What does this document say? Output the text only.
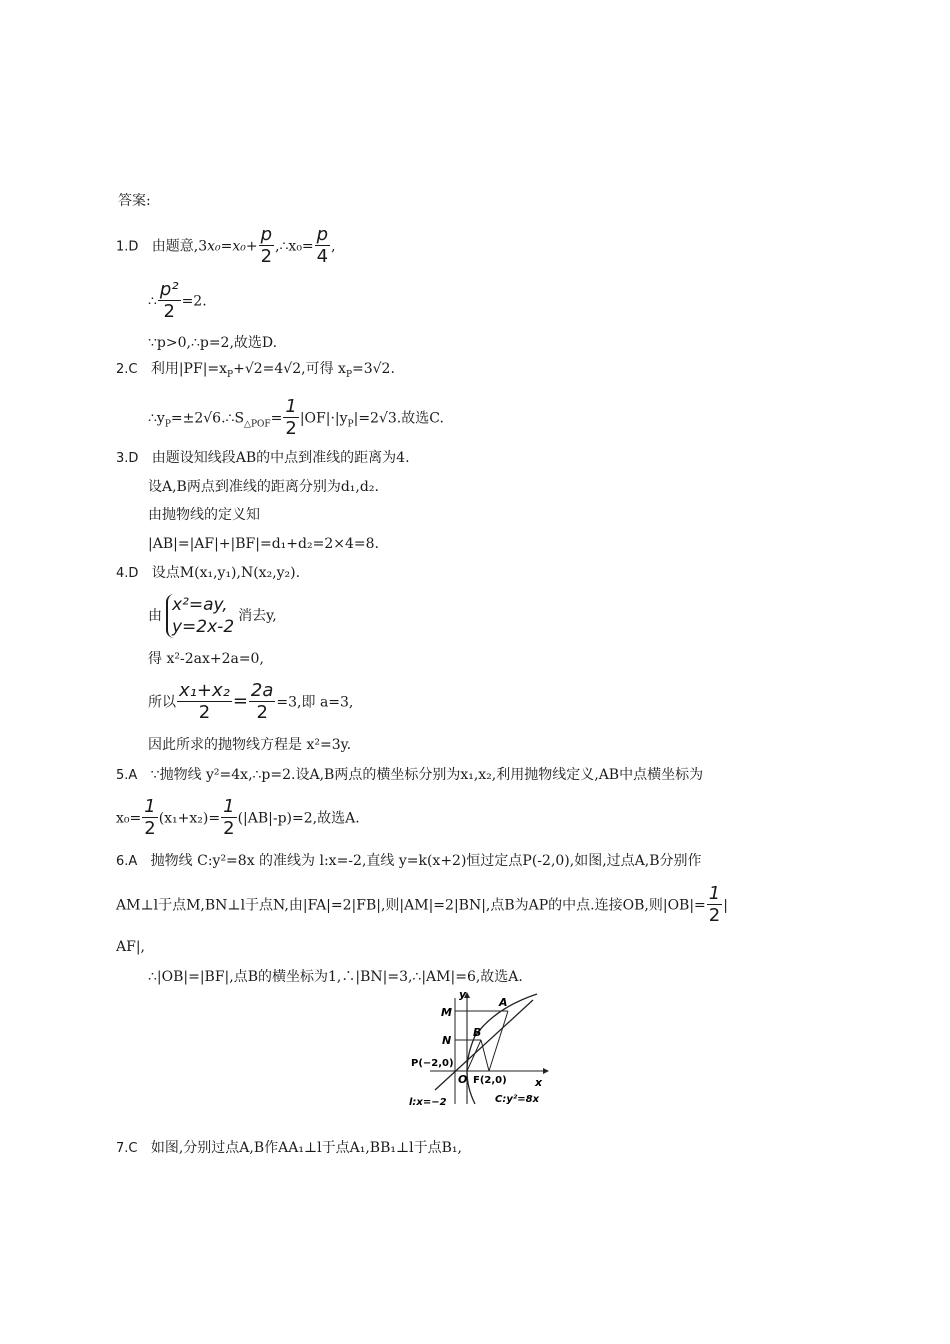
答案:
1.D 由题意$,3x_0=x_0+ \frac{p}{2}$ ,∴x₀= $\frac{p}{4}$ ,
∴ $\frac{\text{p²}}{2} =2$.
∵p>0,∴p=2,故选D.
2.C 利用$|PF|=x_P+√2=4√2$,可得 $x_P=3√2$.
$\therefore y_P=\pm 2√6.\therefore S_{\triangle POF}= \frac{1}{2} |OF|\cdot|y_P|=2√3$.故选C.
3.D 由题设知线段AB的中点到准线的距离为4.
设A,B两点到准线的距离分别为d₁,d₂.
由抛物线的定义知
|AB|=|AF|+|BF|=d₁+d₂=2×4=8.
4.D 设点M(x₁,y₁),N(x₂,y₂).
由
x²=ay,
y=2x-2
消去y,
得 x²-2ax+2a=0,
所以 $\frac{\text{x₁+x₂}}{2} = \frac{2a}{2} =3$,即 a=3,
因此所求的抛物线方程是 x²=3y.
5.A ∵抛物线 y²=4x,∴p=2.设A,B两点的横坐标分别为x₁,x₂,利用抛物线定义,AB中点横坐标为
$x_0= \frac{1}{2} (x_1+x_2)= \frac{1}{2} (|AB|-p)=2$,故选A.
6.A 抛物线 C:y²=8x 的准线为 l:x=-2,直线 y=k(x+2)恒过定点P(-2,0),如图,过点A,B分别作
AM⊥l于点M,BN⊥l于点N,由|FA|=2|FB|,则|AM|=2|BN|,点B为AP的中点.连接OB,则$|OB|= \frac{1}{2}$ |
AF|,
∴|OB|=|BF|,点B的横坐标为1,∴|BN|=3,∴|AM|=6,故选A.
y
x
A
M
B
N
P(−2,0)
O F(2,0)
l:x=−2	C:y²=8x
7.C 如图,分别过点A,B作AA₁⊥l于点A₁,BB₁⊥l于点B₁,
